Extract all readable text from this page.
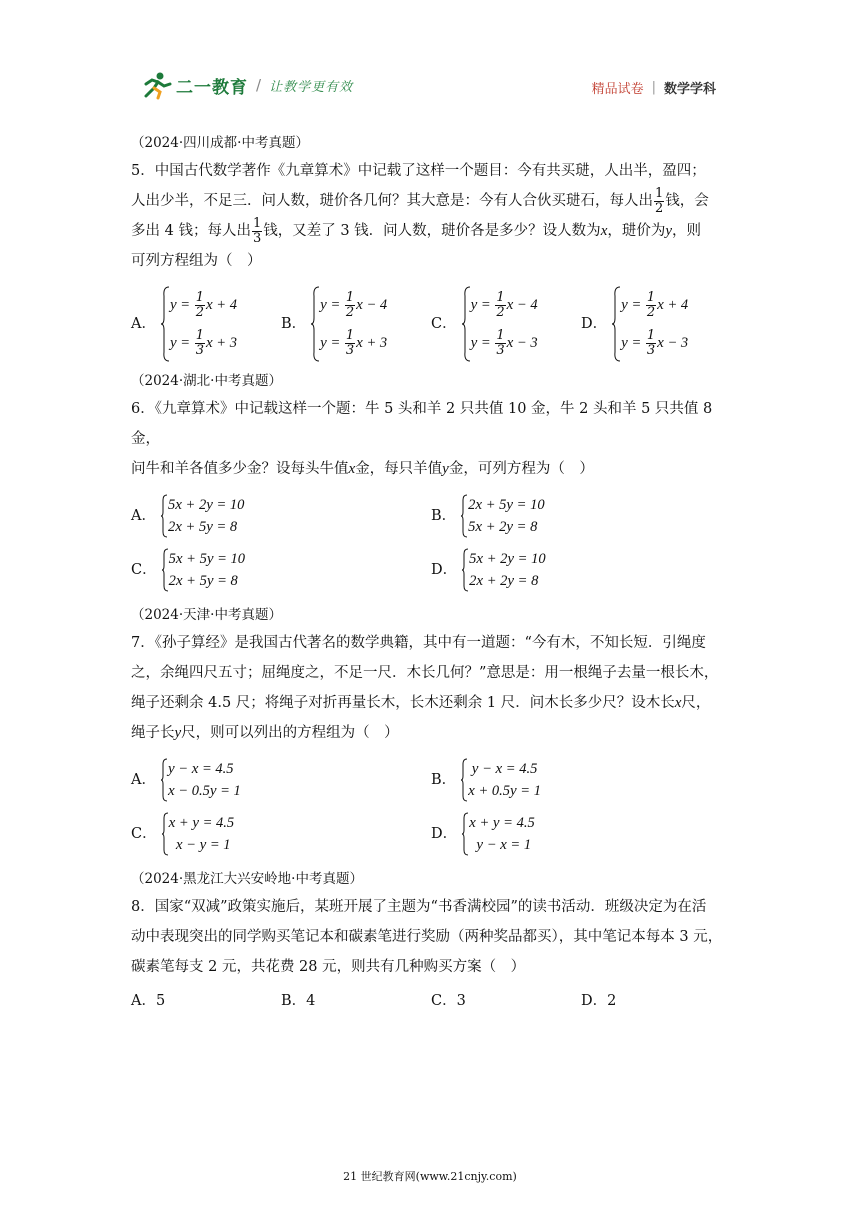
二一教育 / 让教学更有效	精品试卷 | 数学学科

（2024·四川成都·中考真题）

5．中国古代数学著作《九章算术》中记载了这样一个题目：今有共买琎，人出半，盈四；

人出少半，不足三．问人数，琎价各几何？其大意是：今有人合伙买琎石，每人出 $\frac{1}{2}$ 钱，会

多出 4 钱；每人出 $\frac{1}{3}$ 钱，又差了 3 钱．问人数，琎价各是多少？设人数为x，琎价为y，则

可列方程组为（　）

A．
$y = \frac{1}{2}$ x + 4
$y = \frac{1}{3}$ x + 3
B．
$y = \frac{1}{2}$ x − 4
$y = \frac{1}{3}$ x + 3
C．
$y = \frac{1}{2}$ x − 4
$y = \frac{1}{3}$ x − 3
D．
$y = \frac{1}{2}$ x + 4
$y = \frac{1}{3}$ x − 3

（2024·湖北·中考真题）

6．《九章算术》中记载这样一个题：牛 5 头和羊 2 只共值 10 金，牛 2 头和羊 5 只共值 8 金，

问牛和羊各值多少金？设每头牛值x金，每只羊值y金，可列方程为（　）

A．
5 x + 2 y = 10
2 x + 5 y = 8
B．
2 x + 5 y = 10
5 x + 2 y = 8
C．
5 x + 5 y = 10
2 x + 5 y = 8
D．
5 x + 2 y = 10
2 x + 2 y = 8

（2024·天津·中考真题）

7．《孙子算经》是我国古代著名的数学典籍，其中有一道题：“今有木，不知长短．引绳度

之，余绳四尺五寸；屈绳度之，不足一尺．木长几何？”意思是：用一根绳子去量一根长木，

绳子还剩余 4.5 尺；将绳子对折再量长木，长木还剩余 1 尺．问木长多少尺？设木长x尺，

绳子长y尺，则可以列出的方程组为（　）

A．
y − x = 4.5
x − 0.5 y = 1
B．

y − x = 4.5
x + 0.5 y = 1
C．
x + y = 4.5

x − y = 1
D．
x + y = 4.5

y − x = 1

（2024·黑龙江大兴安岭地·中考真题）

8．国家“双减”政策实施后，某班开展了主题为“书香满校园”的读书活动．班级决定为在活

动中表现突出的同学购买笔记本和碳素笔进行奖励（两种奖品都买），其中笔记本每本 3 元，

碳素笔每支 2 元，共花费 28 元，则共有几种购买方案（　）

A． 5	B． 4	C． 3	D． 2
21 世纪教育网(www.21cnjy.com)
